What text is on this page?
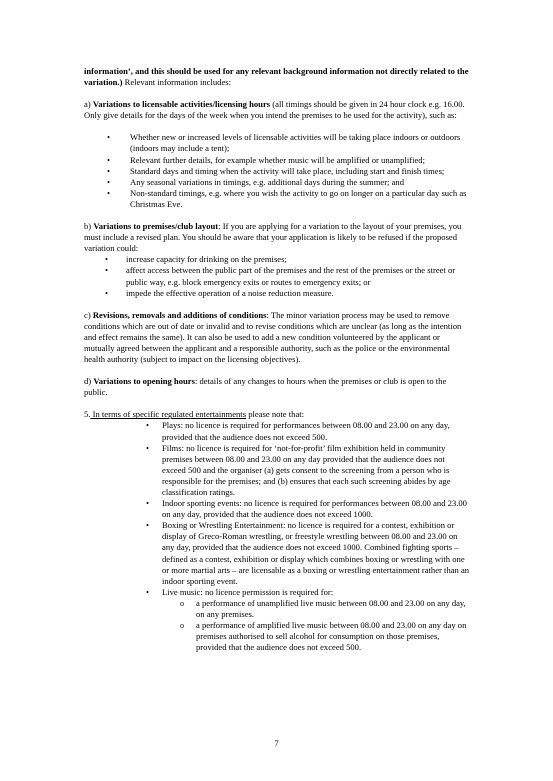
information’, and this should be used for any relevant background information not directly related to the variation.) Relevant information includes:

a) Variations to licensable activities/licensing hours (all timings should be given in 24 hour clock e.g. 16.00. Only give details for the days of the week when you intend the premises to be used for the activity), such as:

• Whether new or increased levels of licensable activities will be taking place indoors or outdoors (indoors may include a tent);
• Relevant further details, for example whether music will be amplified or unamplified;
• Standard days and timing when the activity will take place, including start and finish times;
• Any seasonal variations in timings, e.g. additional days during the summer; and
• Non-standard timings, e.g. where you wish the activity to go on longer on a particular day such as Christmas Eve.

b) Variations to premises/club layout: If you are applying for a variation to the layout of your premises, you must include a revised plan. You should be aware that your application is likely to be refused if the proposed variation could:

• increase capacity for drinking on the premises;
• affect access between the public part of the premises and the rest of the premises or the street or public way, e.g. block emergency exits or routes to emergency exits; or
• impede the effective operation of a noise reduction measure.

c) Revisions, removals and additions of conditions: The minor variation process may be used to remove conditions which are out of date or invalid and to revise conditions which are unclear (as long as the intention and effect remains the same). It can also be used to add a new condition volunteered by the applicant or mutually agreed between the applicant and a responsible authority, such as the police or the environmental health authority (subject to impact on the licensing objectives).

d) Variations to opening hours: details of any changes to hours when the premises or club is open to the public.

5. In terms of specific regulated entertainments please note that:

• Plays: no licence is required for performances between 08.00 and 23.00 on any day, provided that the audience does not exceed 500.
• Films: no licence is required for ‘not-for-profit’ film exhibition held in community premises between 08.00 and 23.00 on any day provided that the audience does not exceed 500 and the organiser (a) gets consent to the screening from a person who is responsible for the premises; and (b) ensures that each such screening abides by age classification ratings.
• Indoor sporting events: no licence is required for performances between 08.00 and 23.00 on any day, provided that the audience does not exceed 1000.
• Boxing or Wrestling Entertainment: no licence is required for a contest, exhibition or display of Greco-Roman wrestling, or freestyle wrestling between 08.00 and 23.00 on any day, provided that the audience does not exceed 1000. Combined fighting sports – defined as a contest, exhibition or display which combines boxing or wrestling with one or more martial arts – are licensable as a boxing or wrestling entertainment rather than an indoor sporting event.
• Live music: no licence permission is required for:
o a performance of unamplified live music between 08.00 and 23.00 on any day, on any premises.
o a performance of amplified live music between 08.00 and 23.00 on any day on premises authorised to sell alcohol for consumption on those premises, provided that the audience does not exceed 500.
7
